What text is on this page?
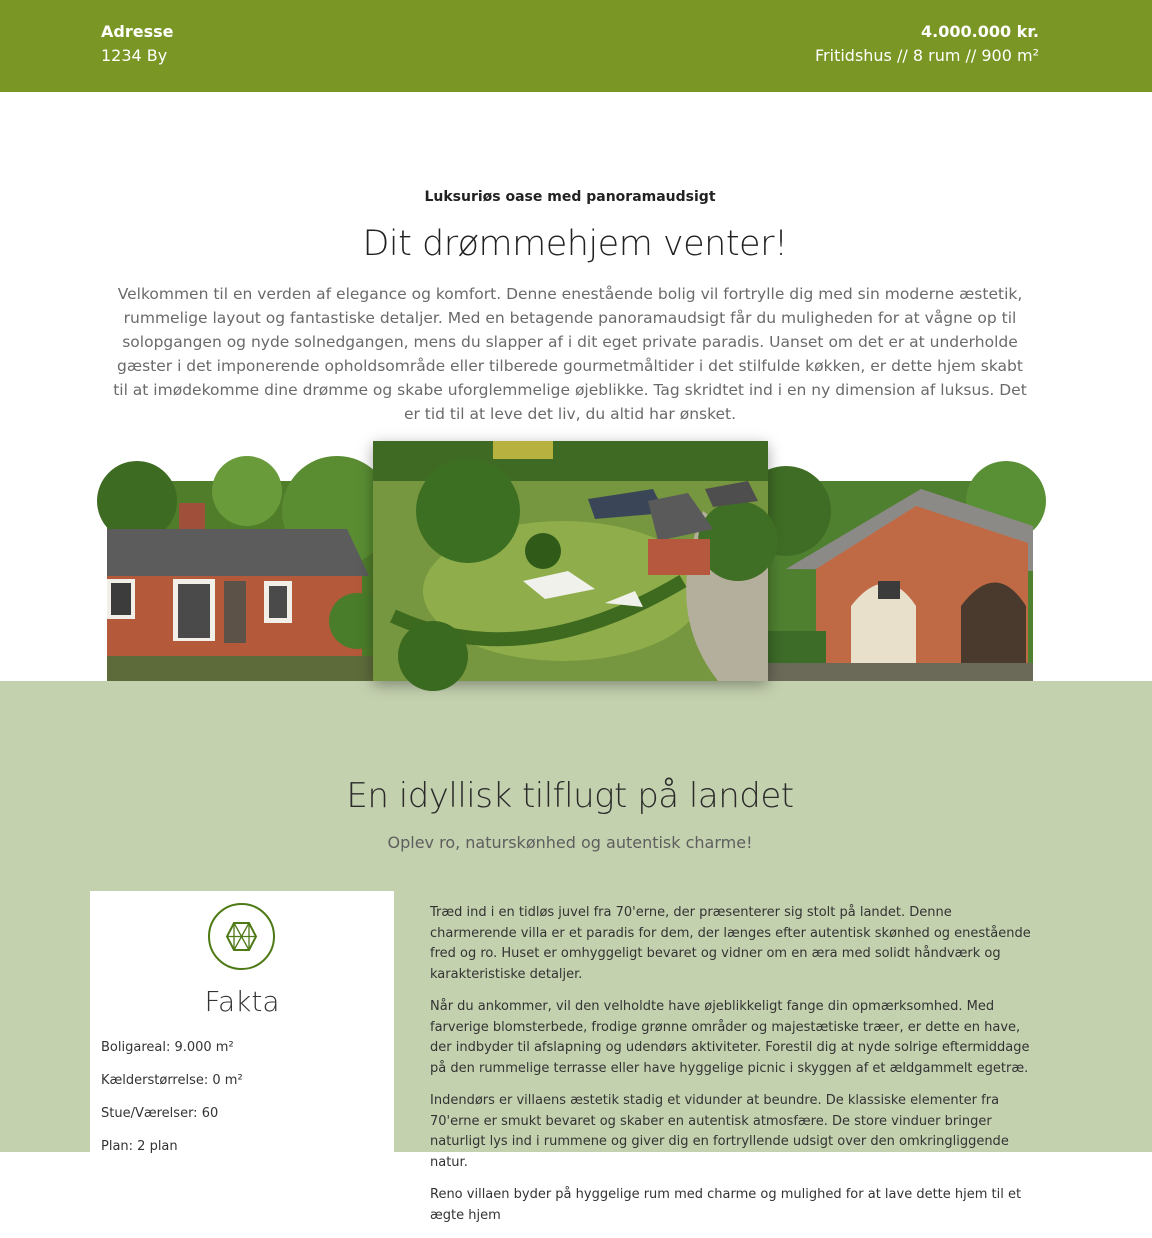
Adresse
1234 By
4.000.000 kr.
Fritidshus // 8 rum // 900 m²
Luksuriøs oase med panoramaudsigt
Dit drømmehjem venter!
Velkommen til en verden af elegance og komfort. Denne enestående bolig vil fortrylle dig med sin moderne æstetik, rummelige layout og fantastiske detaljer. Med en betagende panoramaudsigt får du muligheden for at vågne op til solopgangen og nyde solnedgangen, mens du slapper af i dit eget private paradis. Uanset om det er at underholde gæster i det imponerende opholdsområde eller tilberede gourmetmåltider i det stilfulde køkken, er dette hjem skabt til at imødekomme dine drømme og skabe uforglemmelige øjeblikke. Tag skridtet ind i en ny dimension af luksus. Det er tid til at leve det liv, du altid har ønsket.
En idyllisk tilflugt på landet
Oplev ro, naturskønhed og autentisk charme!
Fakta
Boligareal: 9.000 m²
Kælderstørrelse: 0 m²
Stue/Værelser: 60
Plan: 2 plan

Træd ind i en tidløs juvel fra 70'erne, der præsenterer sig stolt på landet. Denne charmerende villa er et paradis for dem, der længes efter autentisk skønhed og enestående fred og ro. Huset er omhyggeligt bevaret og vidner om en æra med solidt håndværk og karakteristiske detaljer.

Når du ankommer, vil den velholdte have øjeblikkeligt fange din opmærksomhed. Med farverige blomsterbede, frodige grønne områder og majestætiske træer, er dette en have, der indbyder til afslapning og udendørs aktiviteter. Forestil dig at nyde solrige eftermiddage på den rummelige terrasse eller have hyggelige picnic i skyggen af et ældgammelt egetræ.

Indendørs er villaens æstetik stadig et vidunder at beundre. De klassiske elementer fra 70'erne er smukt bevaret og skaber en autentisk atmosfære. De store vinduer bringer naturligt lys ind i rummene og giver dig en fortryllende udsigt over den omkringliggende natur.

Reno villaen byder på hyggelige rum med charme og mulighed for at lave dette hjem til et ægte hjem
